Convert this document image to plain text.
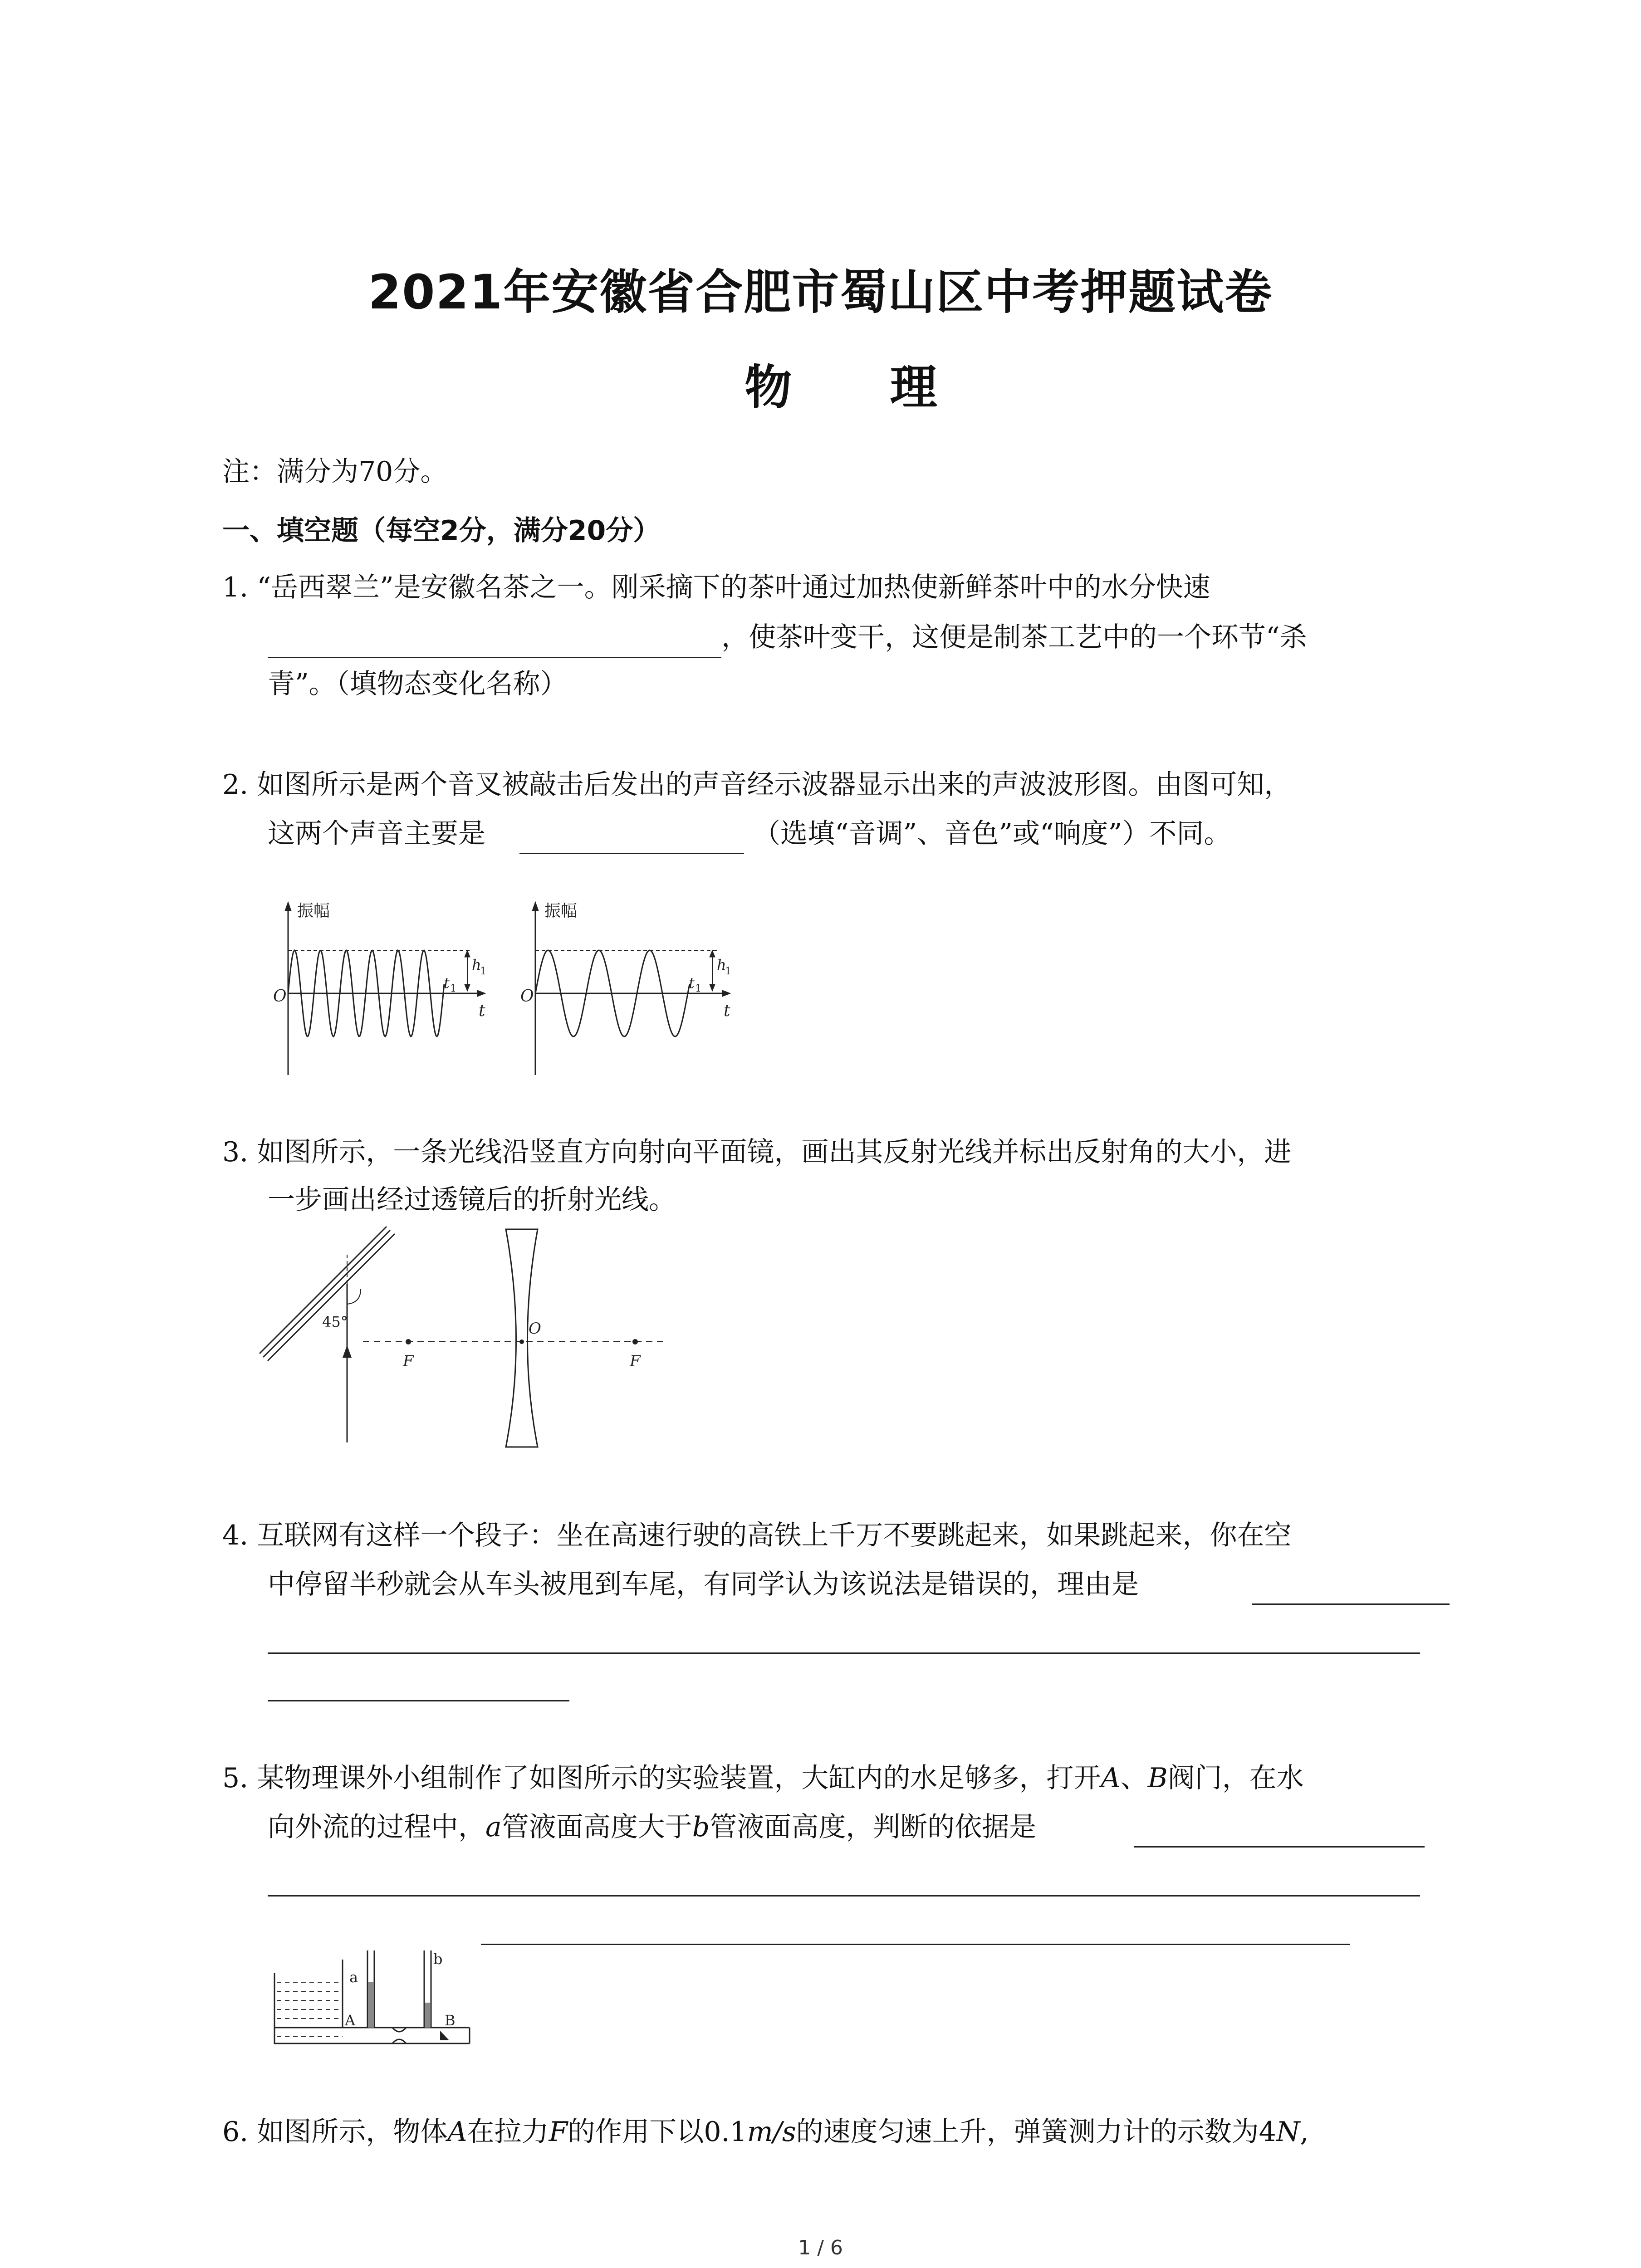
2021年安徽省合肥市蜀山区中考押题试卷
物 理
注：满分为70分。
一、填空题（每空2分，满分20分）
1. “岳西翠兰”是安徽名茶之一。刚采摘下的茶叶通过加热使新鲜茶叶中的水分快速
，使茶叶变干，这便是制茶工艺中的一个环节“杀
青”。（填物态变化名称）
2. 如图所示是两个音叉被敲击后发出的声音经示波器显示出来的声波波形图。由图可知，
这两个声音主要是	（选填“音调”、音色”或“响度”）不同。
振幅
O
t
h
1
t 1
振幅
O
t
h
1
t 1
3. 如图所示，一条光线沿竖直方向射向平面镜，画出其反射光线并标出反射角的大小，进
一步画出经过透镜后的折射光线。
45°
F	F
O
4. 互联网有这样一个段子：坐在高速行驶的高铁上千万不要跳起来，如果跳起来，你在空
中停留半秒就会从车头被甩到车尾，有同学认为该说法是错误的，理由是
5. 某物理课外小组制作了如图所示的实验装置，大缸内的水足够多，打开A、B阀门，在水
向外流的过程中，a管液面高度大于b管液面高度，判断的依据是
a
b
A	B
6. 如图所示，物体A在拉力F的作用下以0.1m/s的速度匀速上升，弹簧测力计的示数为4N,
1 / 6
